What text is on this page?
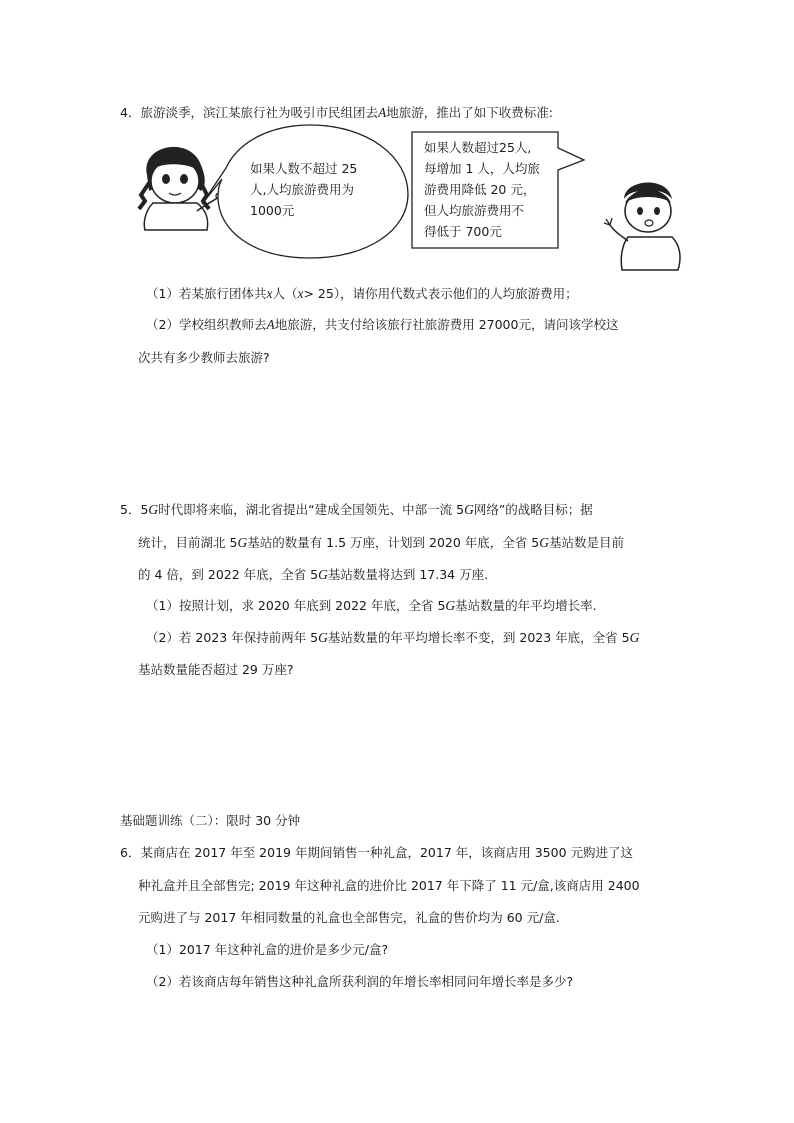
4．旅游淡季，滨江某旅行社为吸引市民组团去A地旅游，推出了如下收费标准:
如果人数不超过 25
人,人均旅游费用为
1000元
如果人数超过25人,
每增加 1 人，人均旅
游费用降低 20 元，
但人均旅游费用不
得低于 700元
（1）若某旅行团体共x人（x> 25），请你用代数式表示他们的人均旅游费用；
（2）学校组织教师去A地旅游，共支付给该旅行社旅游费用 27000元，请问该学校这
次共有多少教师去旅游?
5．5G时代即将来临，湖北省提出“建成全国领先、中部一流 5G网络”的战略目标；据
统计，目前湖北 5G基站的数量有 1.5 万座，计划到 2020 年底，全省 5G基站数是目前
的 4 倍，到 2022 年底，全省 5G基站数量将达到 17.34 万座.
（1）按照计划，求 2020 年底到 2022 年底，全省 5G基站数量的年平均增长率.
（2）若 2023 年保持前两年 5G基站数量的年平均增长率不变，到 2023 年底，全省 5G
基站数量能否超过 29 万座?
基础题训练（二）：限时 30 分钟
6．某商店在 2017 年至 2019 年期间销售一种礼盒，2017 年，该商店用 3500 元购进了这
种礼盒并且全部售完; 2019 年这种礼盒的进价比 2017 年下降了 11 元/盒,该商店用 2400
元购进了与 2017 年相同数量的礼盒也全部售完，礼盒的售价均为 60 元/盒.
（1）2017 年这种礼盒的进价是多少元/盒?
（2）若该商店每年销售这种礼盒所获利润的年增长率相同问年增长率是多少?
